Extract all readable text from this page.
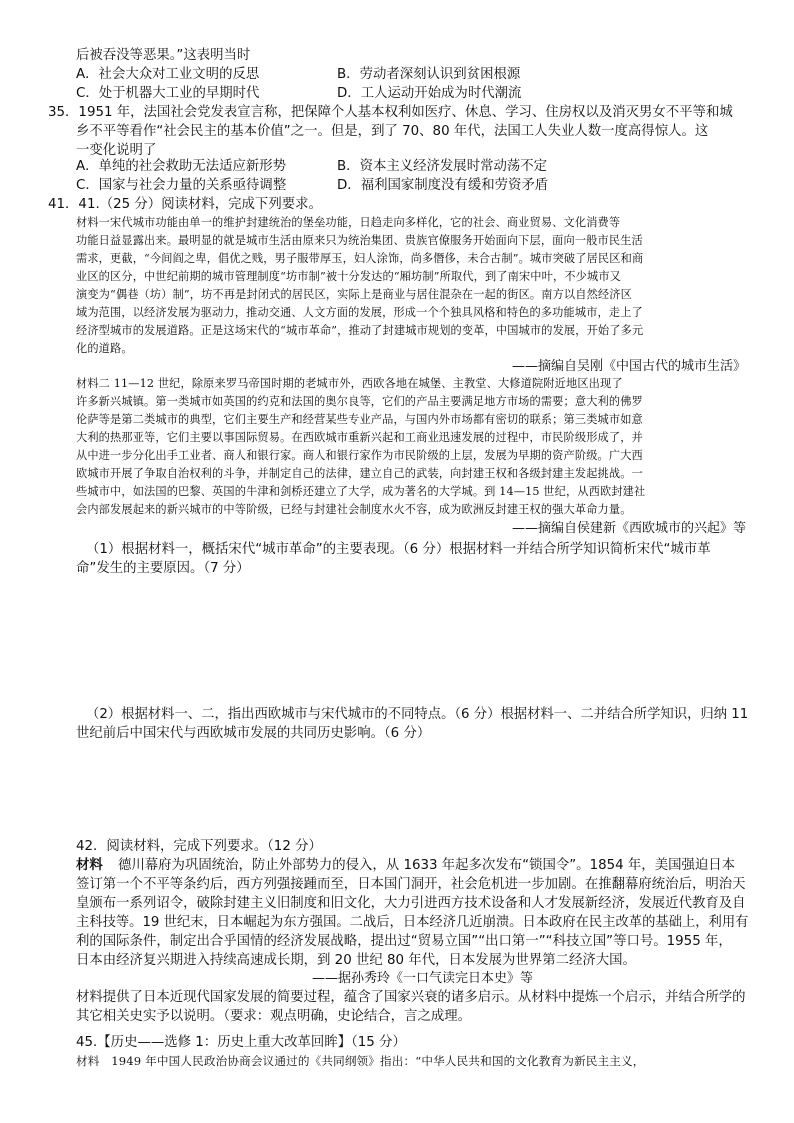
后被吞没等恶果。”这表明当时
A．社会大众对工业文明的反思	B．劳动者深刻认识到贫困根源
C．处于机器大工业的早期时代	D．工人运动开始成为时代潮流
35．1951 年，法国社会党发表宣言称，把保障个人基本权利如医疗、休息、学习、住房权以及消灭男女不平等和城
乡不平等看作“社会民主的基本价值”之一。但是，到了 70、80 年代，法国工人失业人数一度高得惊人。这
一变化说明了
A．单纯的社会救助无法适应新形势	B．资本主义经济发展时常动荡不定
C．国家与社会力量的关系亟待调整	D．福利国家制度没有缓和劳资矛盾
41．41.（25 分）阅读材料，完成下列要求。
材料一宋代城市功能由单一的维护封建统治的堡垒功能，日趋走向多样化，它的社会、商业贸易、文化消费等
功能日益显露出来。最明显的就是城市生活由原来只为统治集团、贵族官僚服务开始面向下层，面向一般市民生活
需求，更截，“今间阎之卑，倡优之贱，男子服带厚玉，妇人涂饰，尚多僭侈，未合古制”。城市突破了居民区和商
业区的区分，中世纪前期的城市管理制度“坊市制”被十分发达的“厢坊制”所取代，到了南宋中叶，不少城市又
演变为“偶巷（坊）制”，坊不再是封闭式的居民区，实际上是商业与居住混杂在一起的街区。南方以自然经济区
域为范围，以经济发展为驱动力，推动交通、人文方面的发展，形成一个个独具风格和特色的多功能城市，走上了
经济型城市的发展道路。正是这场宋代的“城市革命”，推动了封建城市规划的变革，中国城市的发展，开始了多元
化的道路。
——摘编自吴刚《中国古代的城市生活》
材料二 11—12 世纪，除原来罗马帝国时期的老城市外，西欧各地在城堡、主教堂、大修道院附近地区出现了
许多新兴城镇。第一类城市如英国的约克和法国的奥尔良等，它们的产品主要满足地方市场的需要；意大利的佛罗
伦萨等是第二类城市的典型，它们主要生产和经营某些专业产品，与国内外市场都有密切的联系；第三类城市如意
大利的热那亚等，它们主要以事国际贸易。在西欧城市重新兴起和工商业迅速发展的过程中，市民阶级形成了，并
从中进一步分化出手工业者、商人和银行家。商人和银行家作为市民阶级的上层，发展为早期的资产阶级。广大西
欧城市开展了争取自治权利的斗争，并制定自己的法律，建立自己的武装，向封建王权和各级封建主发起挑战。一
些城市中，如法国的巴黎、英国的牛津和剑桥还建立了大学，成为著名的大学城。到 14—15 世纪，从西欧封建社
会内部发展起来的新兴城市的中等阶级，已经与封建社会制度水火不容，成为欧洲反封建王权的强大革命力量。
——摘编自侯建新《西欧城市的兴起》等
（1）根据材料一，概括宋代“城市革命”的主要表现。（6 分）根据材料一并结合所学知识简析宋代“城市革
命”发生的主要原因。（7 分）
（2）根据材料一、二，指出西欧城市与宋代城市的不同特点。（6 分）根据材料一、二并结合所学知识，归纳 11
世纪前后中国宋代与西欧城市发展的共同历史影响。（6 分）
42．阅读材料，完成下列要求。（12 分）
材料 德川幕府为巩固统治，防止外部势力的侵入，从 1633 年起多次发布“锁国令”。1854 年，美国强迫日本
签订第一个不平等条约后，西方列强接踵而至，日本国门洞开，社会危机进一步加剧。在推翻幕府统治后，明治天
皇颁布一系列诏令，破除封建主义旧制度和旧文化，大力引进西方技术设备和人才发展新经济，发展近代教育及自
主科技等。19 世纪末，日本崛起为东方强国。二战后，日本经济几近崩溃。日本政府在民主改革的基础上，利用有
利的国际条件，制定出合乎国情的经济发展战略，提出过“贸易立国”“出口第一”“科技立国”等口号。1955 年，
日本由经济复兴期进入持续高速成长期，到 20 世纪 80 年代，日本发展为世界第二经济大国。
——据孙秀玲《一口气读完日本史》等
材料提供了日本近现代国家发展的简要过程，蕴含了国家兴衰的诸多启示。从材料中提炼一个启示，并结合所学的
其它相关史实予以说明。（要求：观点明确，史论结合，言之成理。
45.【历史——选修 1：历史上重大改革回眸】（15 分）
材料　1949 年中国人民政治协商会议通过的《共同纲领》指出：“中华人民共和国的文化教育为新民主主义，
